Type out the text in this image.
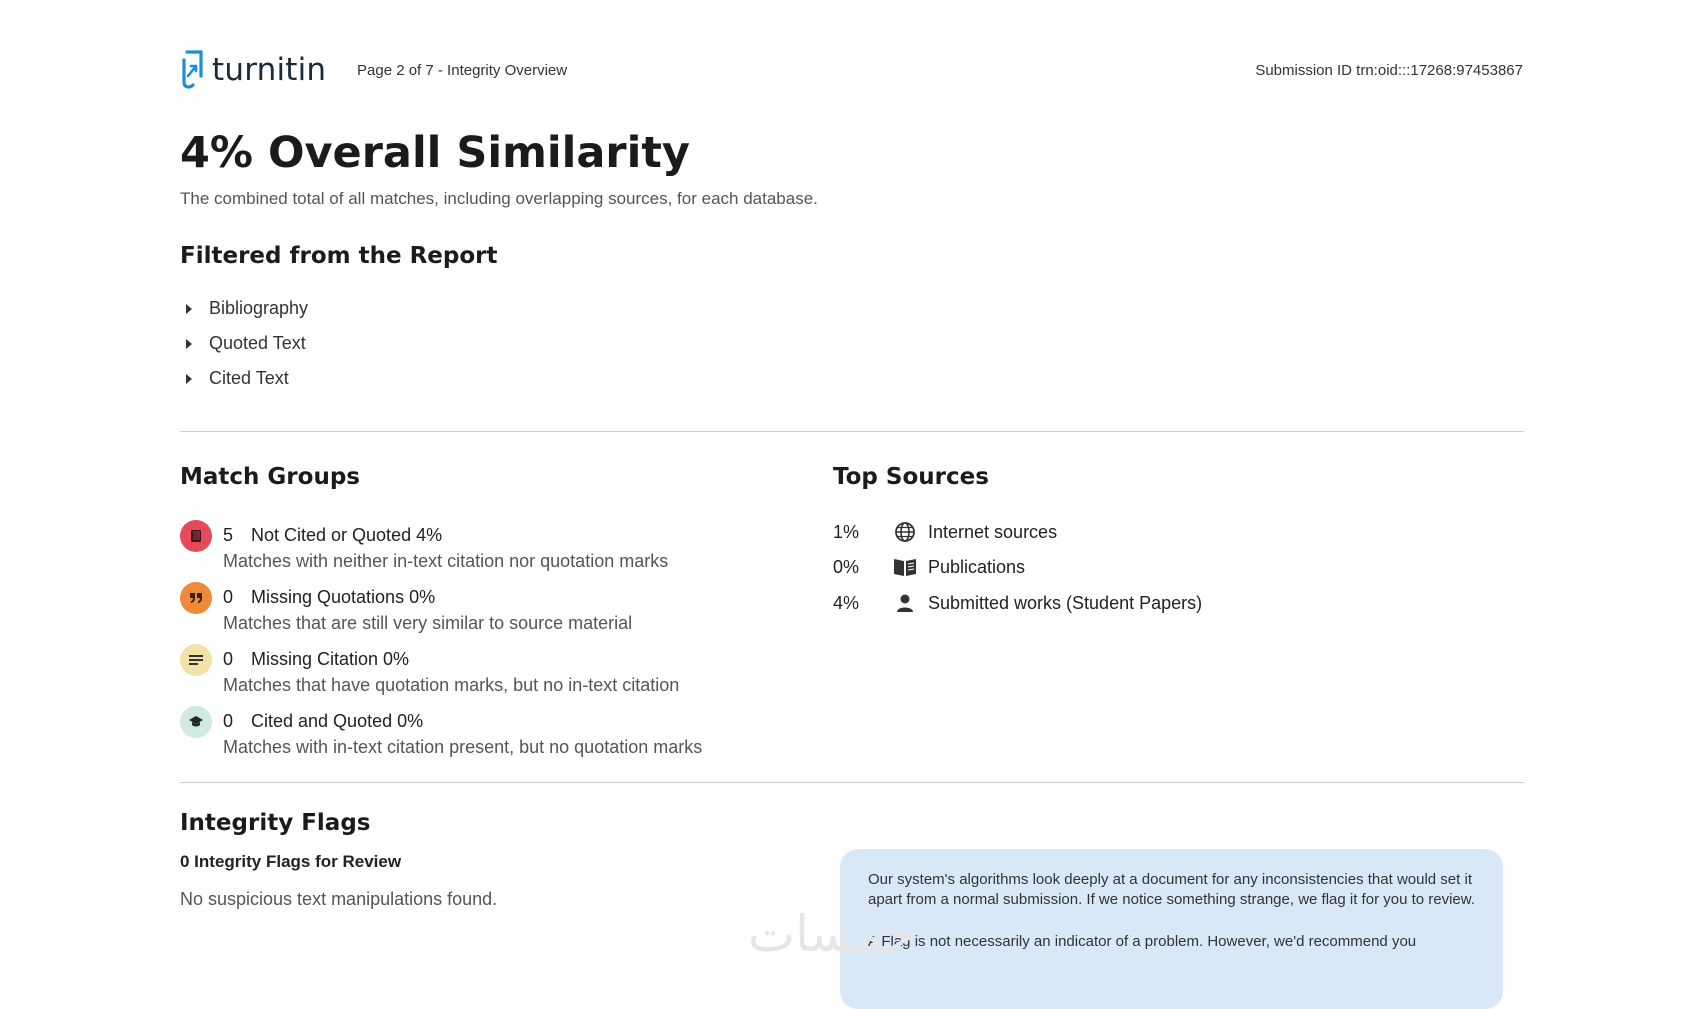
turnitin Page 2 of 7 - Integrity Overview	Submission ID trn:oid:::17268:97453867
4% Overall Similarity
The combined total of all matches, including overlapping sources, for each database.
Filtered from the Report
Bibliography
Quoted Text
Cited Text
Match Groups
5 Not Cited or Quoted 4%
Matches with neither in-text citation nor quotation marks
0 Missing Quotations 0%
Matches that are still very similar to source material
0 Missing Citation 0%
Matches that have quotation marks, but no in-text citation
0 Cited and Quoted 0%
Matches with in-text citation present, but no quotation marks
Top Sources
1%	Internet sources
0%	Publications
4%	Submitted works (Student Papers)
Integrity Flags
0 Integrity Flags for Review
No suspicious text manipulations found.

Our system's algorithms look deeply at a document for any inconsistencies that would set it apart from a normal submission. If we notice something strange, we flag it for you to review.

A Flag is not necessarily an indicator of a problem. However, we'd recommend you

خمسات
